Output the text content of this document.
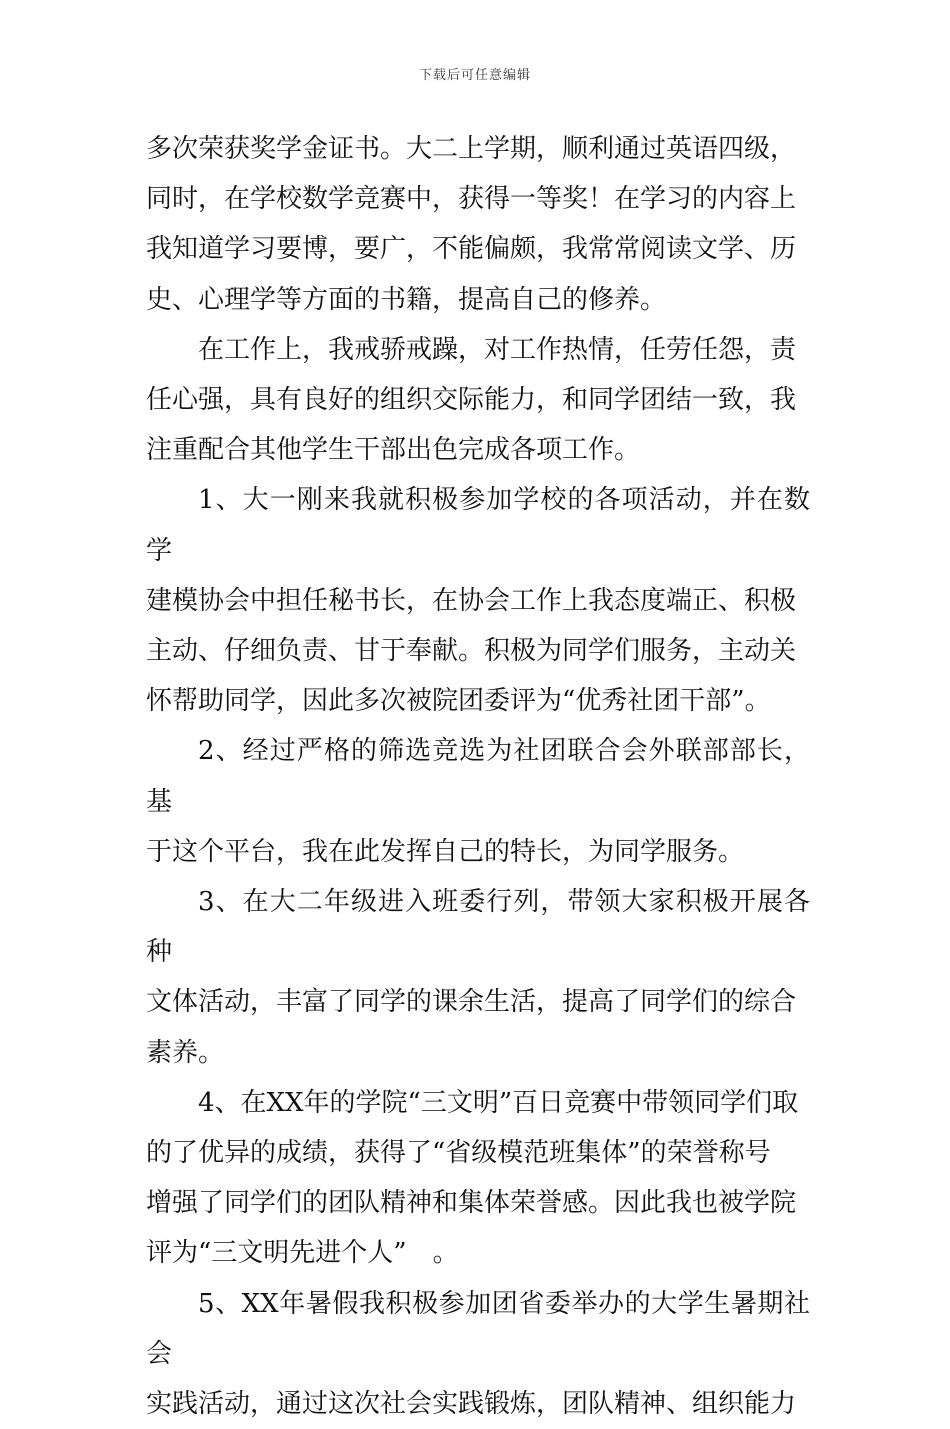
下载后可任意编辑
多次荣获奖学金证书。大二上学期，顺利通过英语四级，
同时，在学校数学竞赛中，获得一等奖！在学习的内容上
我知道学习要博，要广，不能偏颇，我常常阅读文学、历
史、心理学等方面的书籍，提高自己的修养。
在工作上，我戒骄戒躁，对工作热情，任劳任怨，责
任心强，具有良好的组织交际能力，和同学团结一致，我
注重配合其他学生干部出色完成各项工作。
1、大一刚来我就积极参加学校的各项活动，并在数学
建模协会中担任秘书长，在协会工作上我态度端正、积极
主动、仔细负责、甘于奉献。积极为同学们服务，主动关
怀帮助同学，因此多次被院团委评为“优秀社团干部”。
2、经过严格的筛选竞选为社团联合会外联部部长，基
于这个平台，我在此发挥自己的特长，为同学服务。
3、在大二年级进入班委行列，带领大家积极开展各种
文体活动，丰富了同学的课余生活，提高了同学们的综合
素养。
4、在XX年的学院“三文明”百日竞赛中带领同学们取
的了优异的成绩，获得了“省级模范班集体”的荣誉称号
增强了同学们的团队精神和集体荣誉感。因此我也被学院
评为“三文明先进个人”　。
5、XX年暑假我积极参加团省委举办的大学生暑期社会
实践活动，通过这次社会实践锻炼，团队精神、组织能力
